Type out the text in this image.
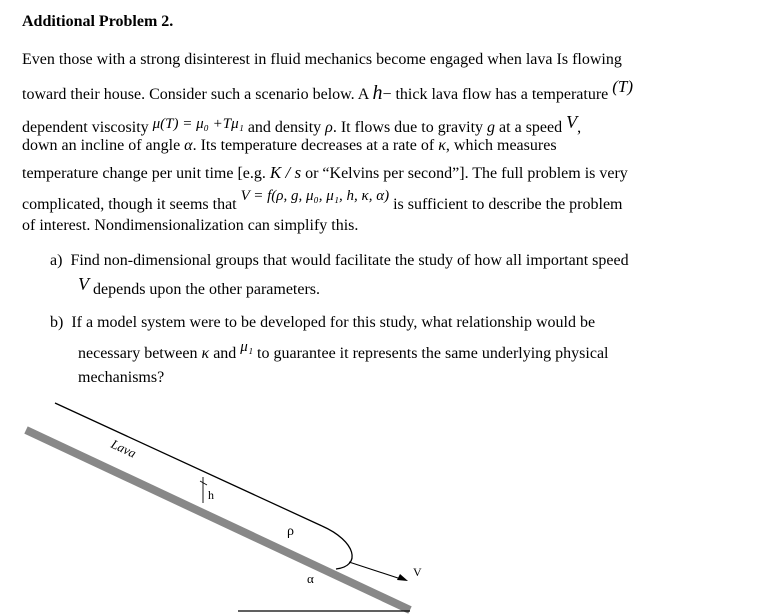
Additional Problem 2.
Even those with a strong disinterest in fluid mechanics become engaged when lava Is flowing
toward their house. Consider such a scenario below. A h− thick lava flow has a temperature (T)
dependent viscosity μ(T) = μ₀ +Tμ₁ and density ρ. It flows due to gravity g at a speed V,
down an incline of angle α. Its temperature decreases at a rate of κ, which measures
temperature change per unit time [e.g. K / s or “Kelvins per second”]. The full problem is very
complicated, though it seems that V = f(ρ, g, μ₀, μ₁, h, κ, α) is sufficient to describe the problem
of interest. Nondimensionalization can simplify this.
a) Find non-dimensional groups that would facilitate the study of how all important speed
V depends upon the other parameters.
b) If a model system were to be developed for this study, what relationship would be
necessary between κ and μ₁ to guarantee it represents the same underlying physical
mechanisms?
Lava
h
ρ
α	V
